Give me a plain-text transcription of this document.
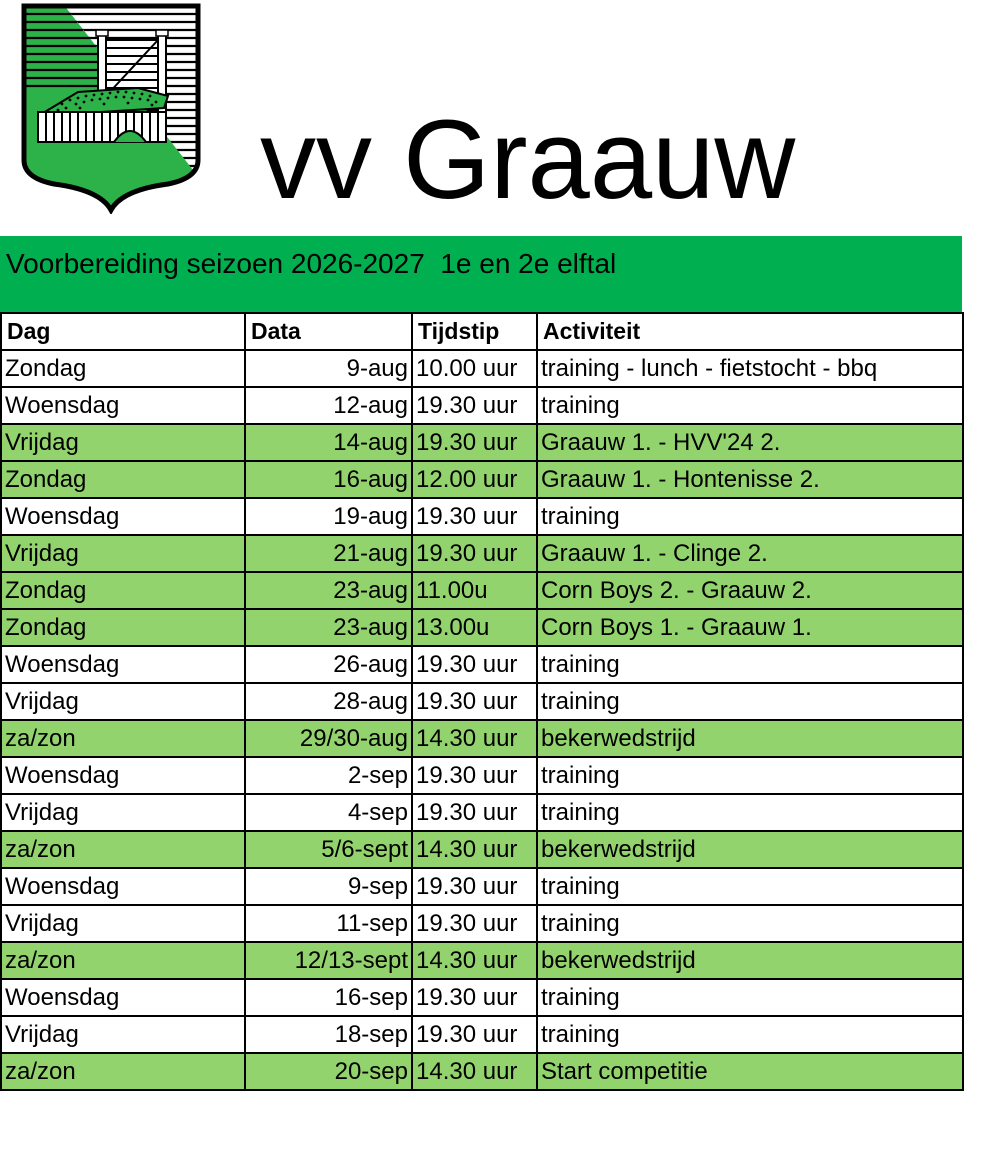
vv Graauw
Voorbereiding seizoen 2026-2027  1e en 2e elftal
Dag	Data	Tijdstip	Activiteit
Zondag	9-aug	10.00 uur	training - lunch - fietstocht - bbq
Woensdag	12-aug	19.30 uur	training
Vrijdag	14-aug	19.30 uur	Graauw 1. - HVV'24 2.
Zondag	16-aug	12.00 uur	Graauw 1. - Hontenisse 2.
Woensdag	19-aug	19.30 uur	training
Vrijdag	21-aug	19.30 uur	Graauw 1. - Clinge 2.
Zondag	23-aug	11.00u	Corn Boys 2. - Graauw 2.
Zondag	23-aug	13.00u	Corn Boys 1. - Graauw 1.
Woensdag	26-aug	19.30 uur	training
Vrijdag	28-aug	19.30 uur	training
za/zon	29/30-aug	14.30 uur	bekerwedstrijd
Woensdag	2-sep	19.30 uur	training
Vrijdag	4-sep	19.30 uur	training
za/zon	5/6-sept	14.30 uur	bekerwedstrijd
Woensdag	9-sep	19.30 uur	training
Vrijdag	11-sep	19.30 uur	training
za/zon	12/13-sept	14.30 uur	bekerwedstrijd
Woensdag	16-sep	19.30 uur	training
Vrijdag	18-sep	19.30 uur	training
za/zon	20-sep	14.30 uur	Start competitie
